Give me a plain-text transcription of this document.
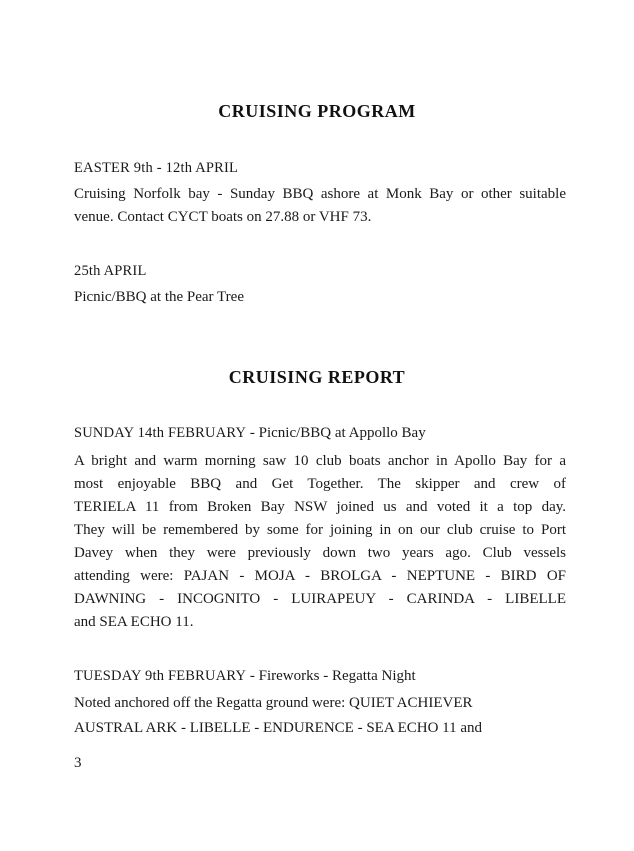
CRUISING PROGRAM
EASTER 9th - 12th APRIL
Cruising Norfolk bay - Sunday BBQ ashore at Monk Bay or other suitable
venue. Contact CYCT boats on 27.88 or VHF 73.
25th APRIL
Picnic/BBQ at the Pear Tree
CRUISING REPORT
SUNDAY 14th FEBRUARY - Picnic/BBQ at Appollo Bay
A bright and warm morning saw 10 club boats anchor in Apollo Bay for a
most enjoyable BBQ and Get Together. The skipper and crew of
TERIELA 11 from Broken Bay NSW joined us and voted it a top day.
They will be remembered by some for joining in on our club cruise to Port
Davey when they were previously down two years ago. Club vessels
attending were: PAJAN - MOJA - BROLGA - NEPTUNE - BIRD OF
DAWNING - INCOGNITO - LUIRAPEUY - CARINDA - LIBELLE
and SEA ECHO 11.
TUESDAY 9th FEBRUARY - Fireworks - Regatta Night
Noted anchored off the Regatta ground were: QUIET ACHIEVER
AUSTRAL ARK - LIBELLE - ENDURENCE - SEA ECHO 11 and
3
